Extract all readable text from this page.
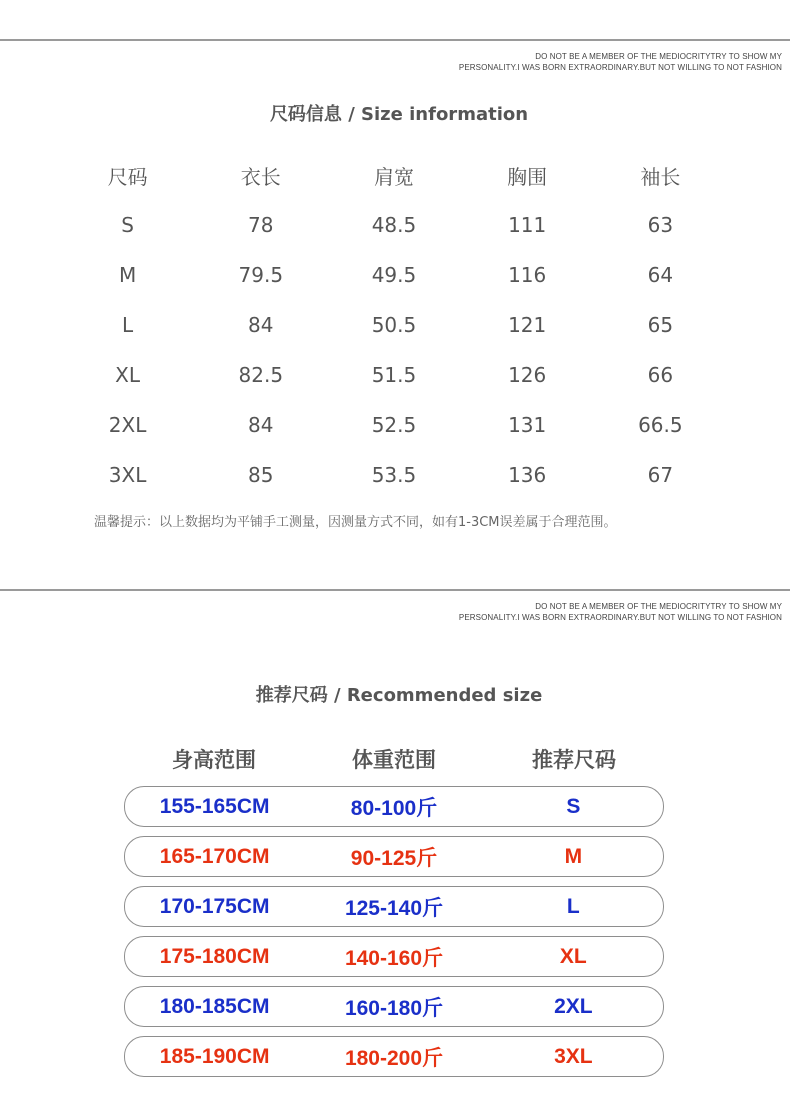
DO NOT BE A MEMBER OF THE MEDIOCRITYTRY TO SHOW MY
PERSONALITY.I WAS BORN EXTRAORDINARY.BUT NOT WILLING TO NOT FASHION
尺码信息 / Size information
尺码	衣长	肩宽	胸围	袖长
S	78	48.5	111	63
M	79.5	49.5	116	64
L	84	50.5	121	65
XL	82.5	51.5	126	66
2XL	84	52.5	131	66.5
3XL	85	53.5	136	67
温馨提示：以上数据均为平铺手工测量，因测量方式不同，如有1-3CM误差属于合理范围。
DO NOT BE A MEMBER OF THE MEDIOCRITYTRY TO SHOW MY
PERSONALITY.I WAS BORN EXTRAORDINARY.BUT NOT WILLING TO NOT FASHION
推荐尺码 / Recommended size
身高范围	体重范围	推荐尺码
155-165CM	80-100斤	S
165-170CM	90-125斤	M
170-175CM	125-140斤	L
175-180CM	140-160斤	XL
180-185CM	160-180斤	2XL
185-190CM	180-200斤	3XL
